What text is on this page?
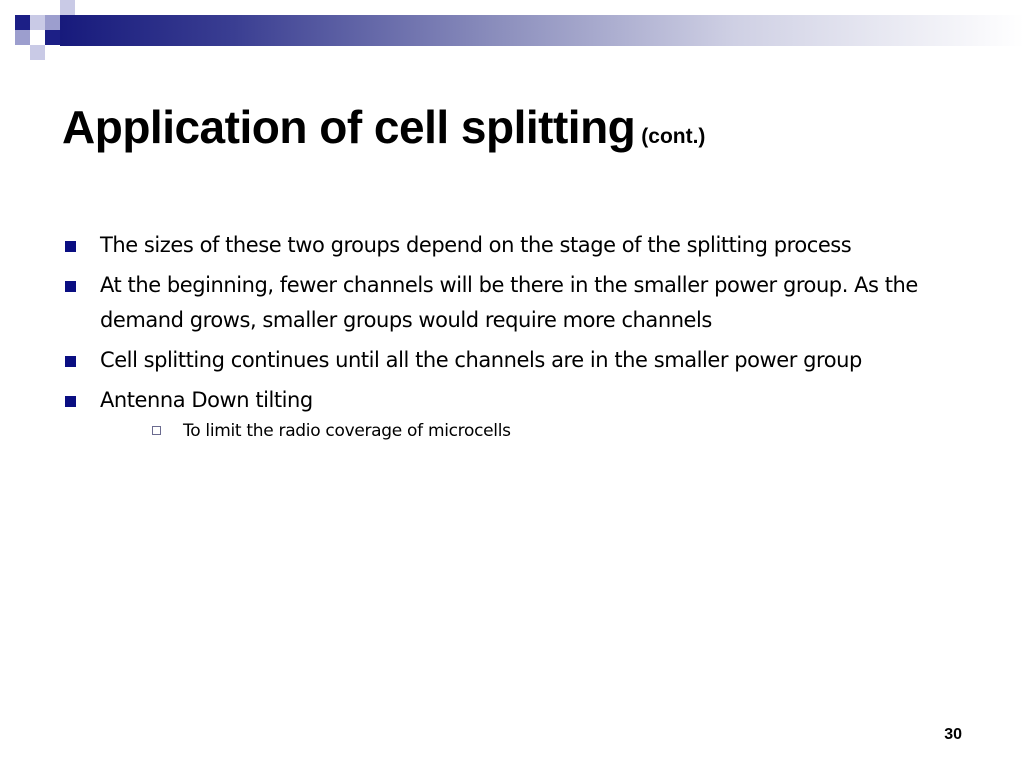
Application of cell splitting (cont.)
The sizes of these two groups depend on the stage of the splitting process
At the beginning, fewer channels will be there in the smaller power group. As the demand grows, smaller groups would require more channels
Cell splitting continues until all the channels are in the smaller power group
Antenna Down tilting
To limit the radio coverage of microcells
30
